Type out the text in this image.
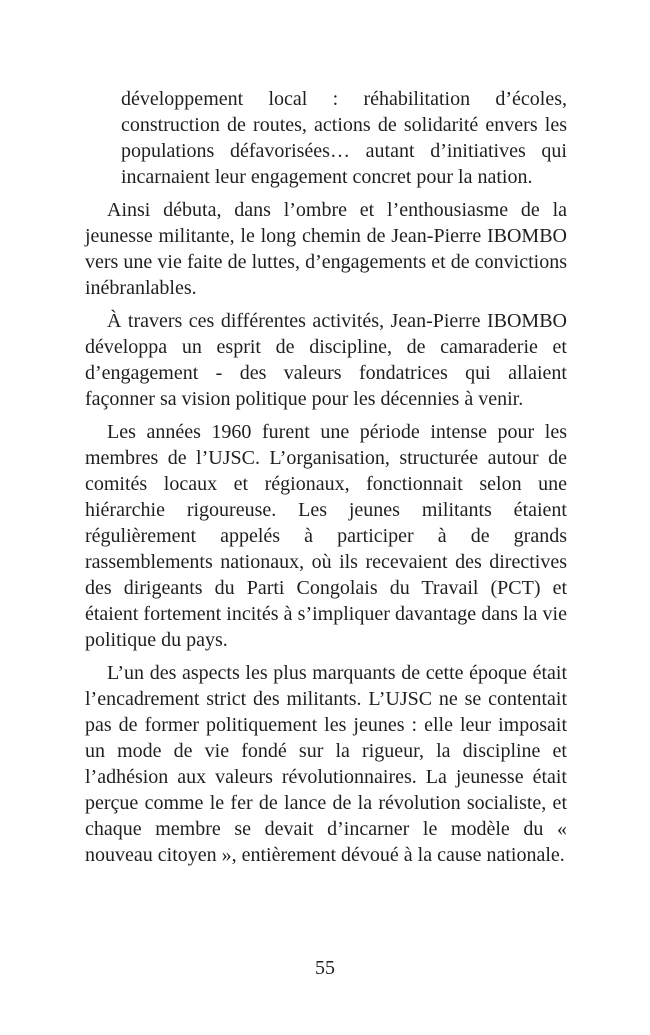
développement local : réhabilitation d’écoles, construction de routes, actions de solidarité envers les populations défavorisées… autant d’initiatives qui incarnaient leur engagement concret pour la nation.

Ainsi débuta, dans l’ombre et l’enthousiasme de la jeunesse militante, le long chemin de Jean-Pierre IBOMBO vers une vie faite de luttes, d’engagements et de convictions inébranlables.

À travers ces différentes activités, Jean-Pierre IBOMBO développa un esprit de discipline, de camaraderie et d’engagement - des valeurs fondatrices qui allaient façonner sa vision politique pour les décennies à venir.

Les années 1960 furent une période intense pour les membres de l’UJSC. L’organisation, structurée autour de comités locaux et régionaux, fonctionnait selon une hiérarchie rigoureuse. Les jeunes militants étaient régulièrement appelés à participer à de grands rassemblements nationaux, où ils recevaient des directives des dirigeants du Parti Congolais du Travail (PCT) et étaient fortement incités à s’impliquer davantage dans la vie politique du pays.

L’un des aspects les plus marquants de cette époque était l’encadrement strict des militants. L’UJSC ne se contentait pas de former politiquement les jeunes : elle leur imposait un mode de vie fondé sur la rigueur, la discipline et l’adhésion aux valeurs révolutionnaires. La jeunesse était perçue comme le fer de lance de la révolution socialiste, et chaque membre se devait d’incarner le modèle du « nouveau citoyen », entièrement dévoué à la cause nationale.

55
